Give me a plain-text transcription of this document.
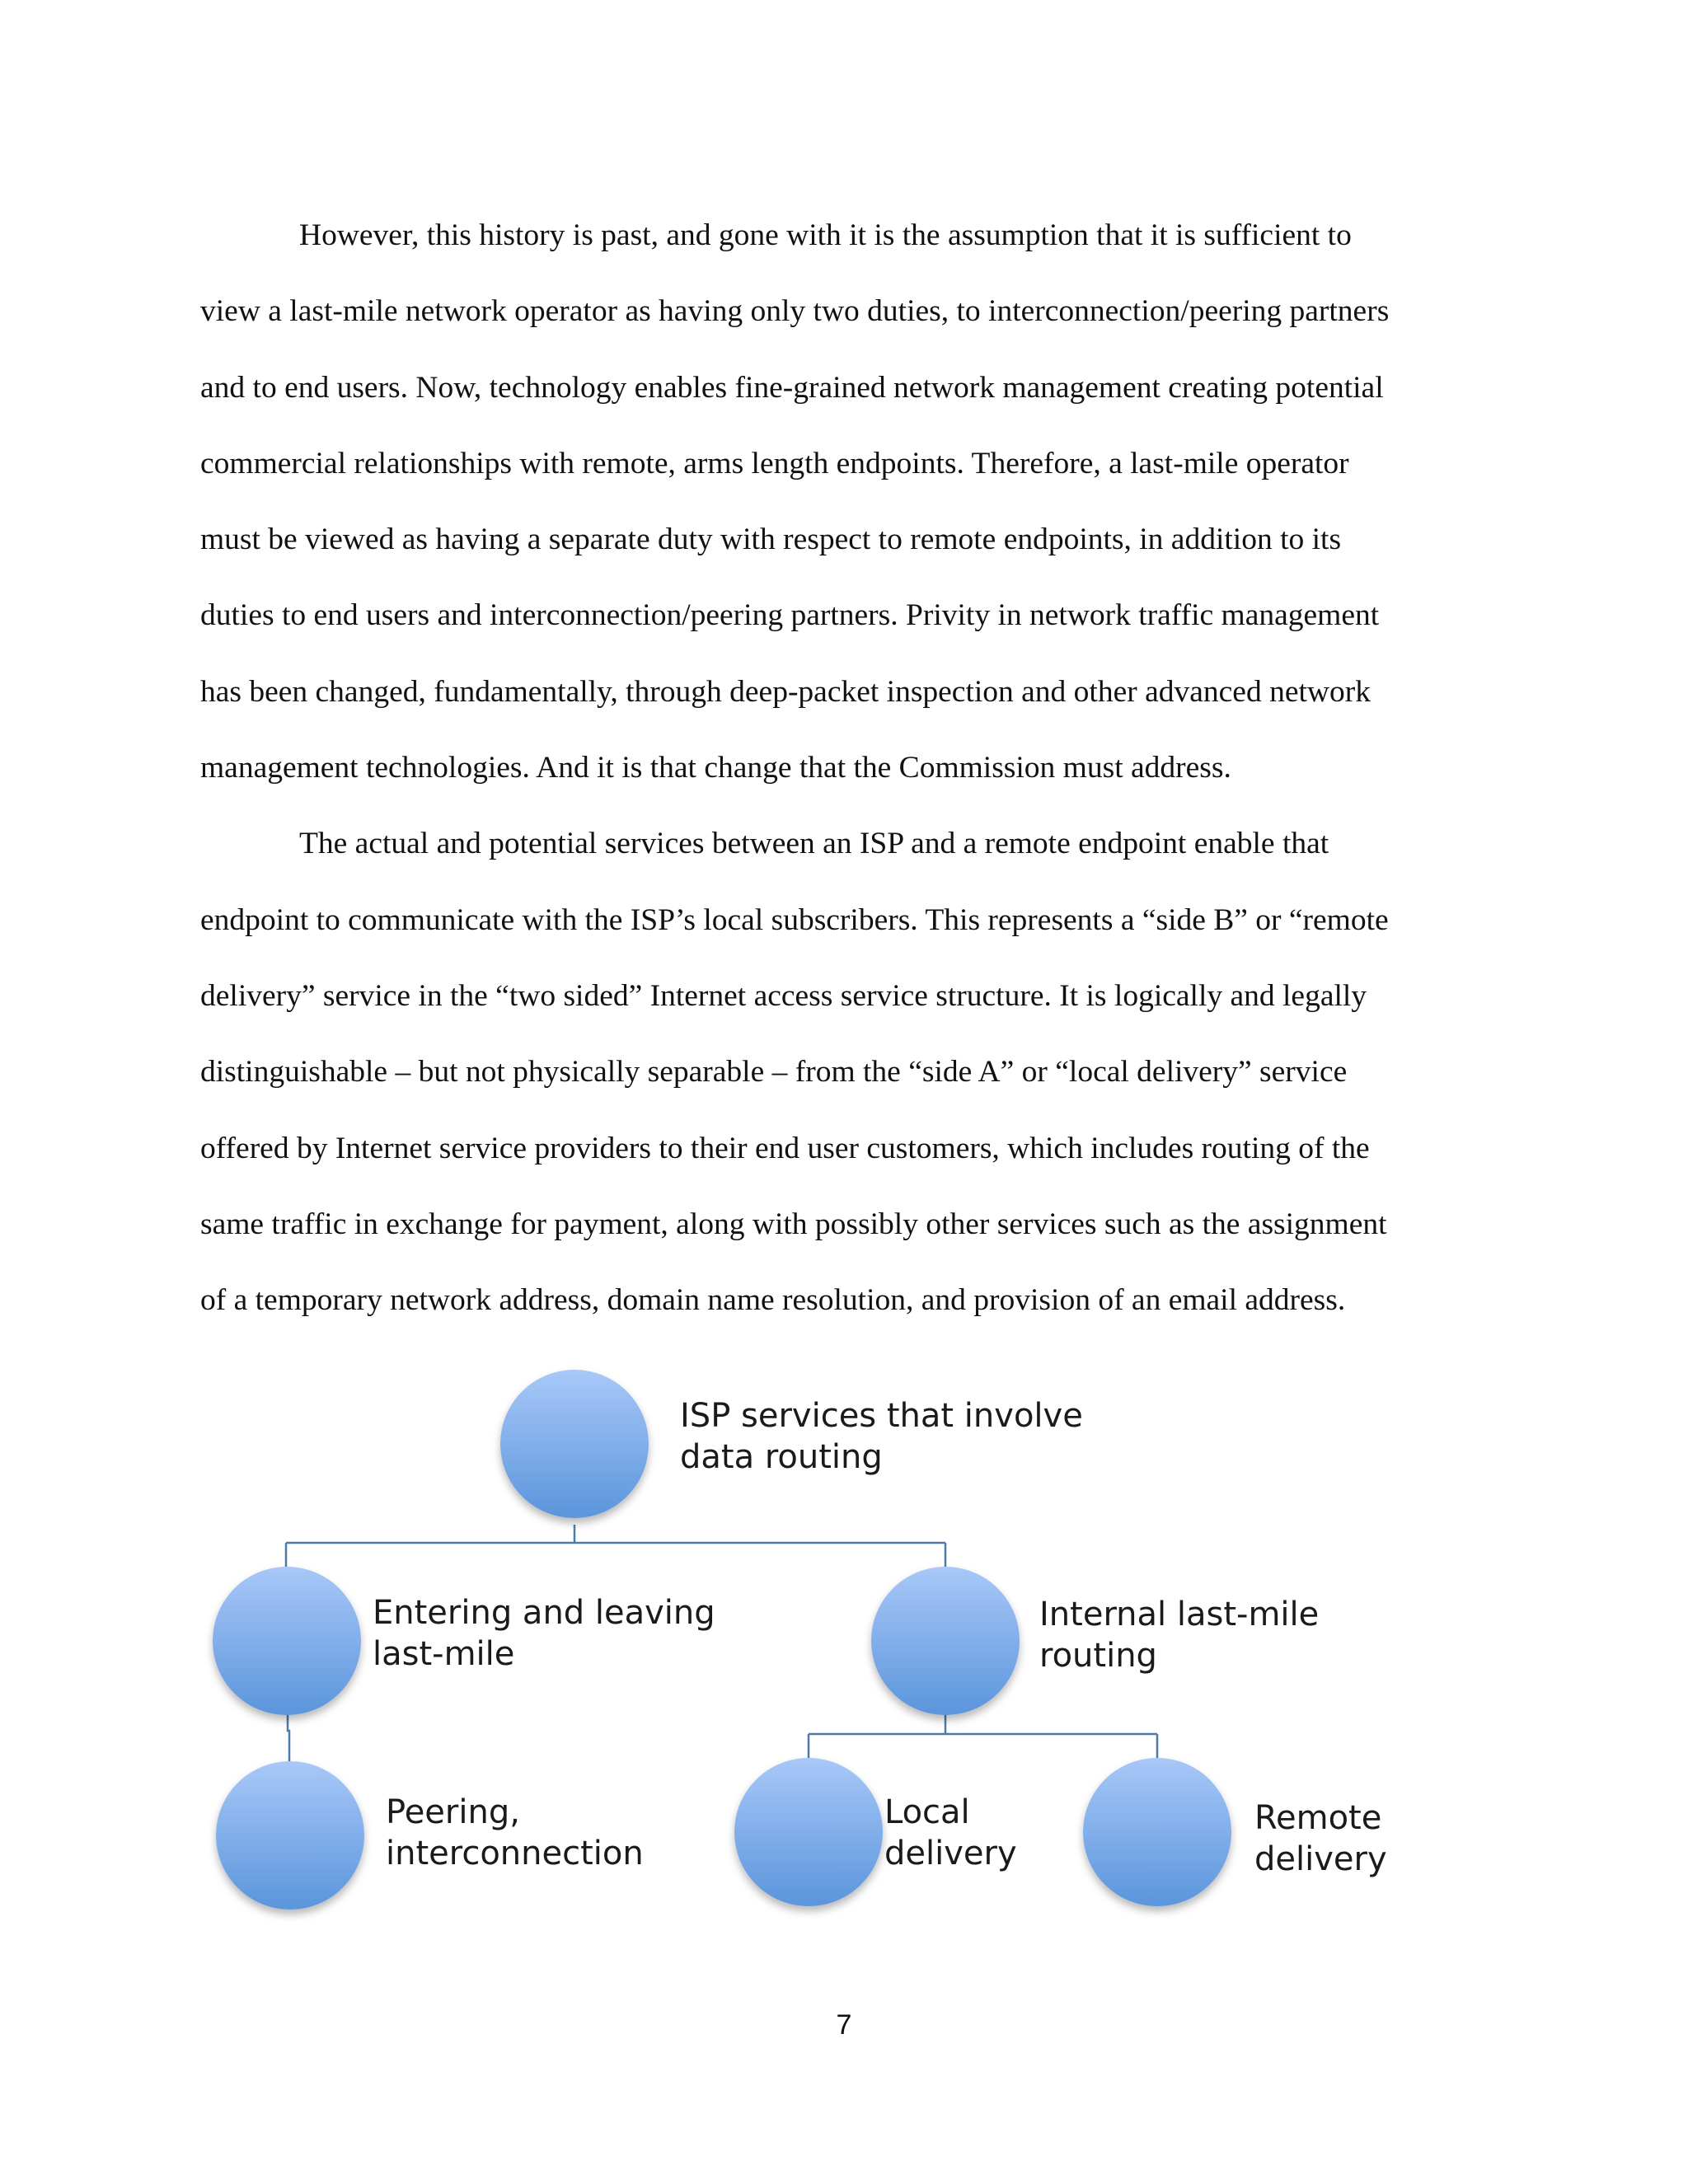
However, this history is past, and gone with it is the assumption that it is sufficient to

view a last-mile network operator as having only two duties, to interconnection/peering partners

and to end users. Now, technology enables fine-grained network management creating potential

commercial relationships with remote, arms length endpoints. Therefore, a last-mile operator

must be viewed as having a separate duty with respect to remote endpoints, in addition to its

duties to end users and interconnection/peering partners. Privity in network traffic management

has been changed, fundamentally, through deep-packet inspection and other advanced network

management technologies. And it is that change that the Commission must address.

The actual and potential services between an ISP and a remote endpoint enable that

endpoint to communicate with the ISP’s local subscribers. This represents a “side B” or “remote

delivery” service in the “two sided” Internet access service structure. It is logically and legally

distinguishable – but not physically separable – from the “side A” or “local delivery” service

offered by Internet service providers to their end user customers, which includes routing of the

same traffic in exchange for payment, along with possibly other services such as the assignment

of a temporary network address, domain name resolution, and provision of an email address.

ISP services that involve
data routing
Entering and leaving
last-mile
Internal last-mile
routing
Peering,
interconnection
Local
delivery
Remote
delivery
7
